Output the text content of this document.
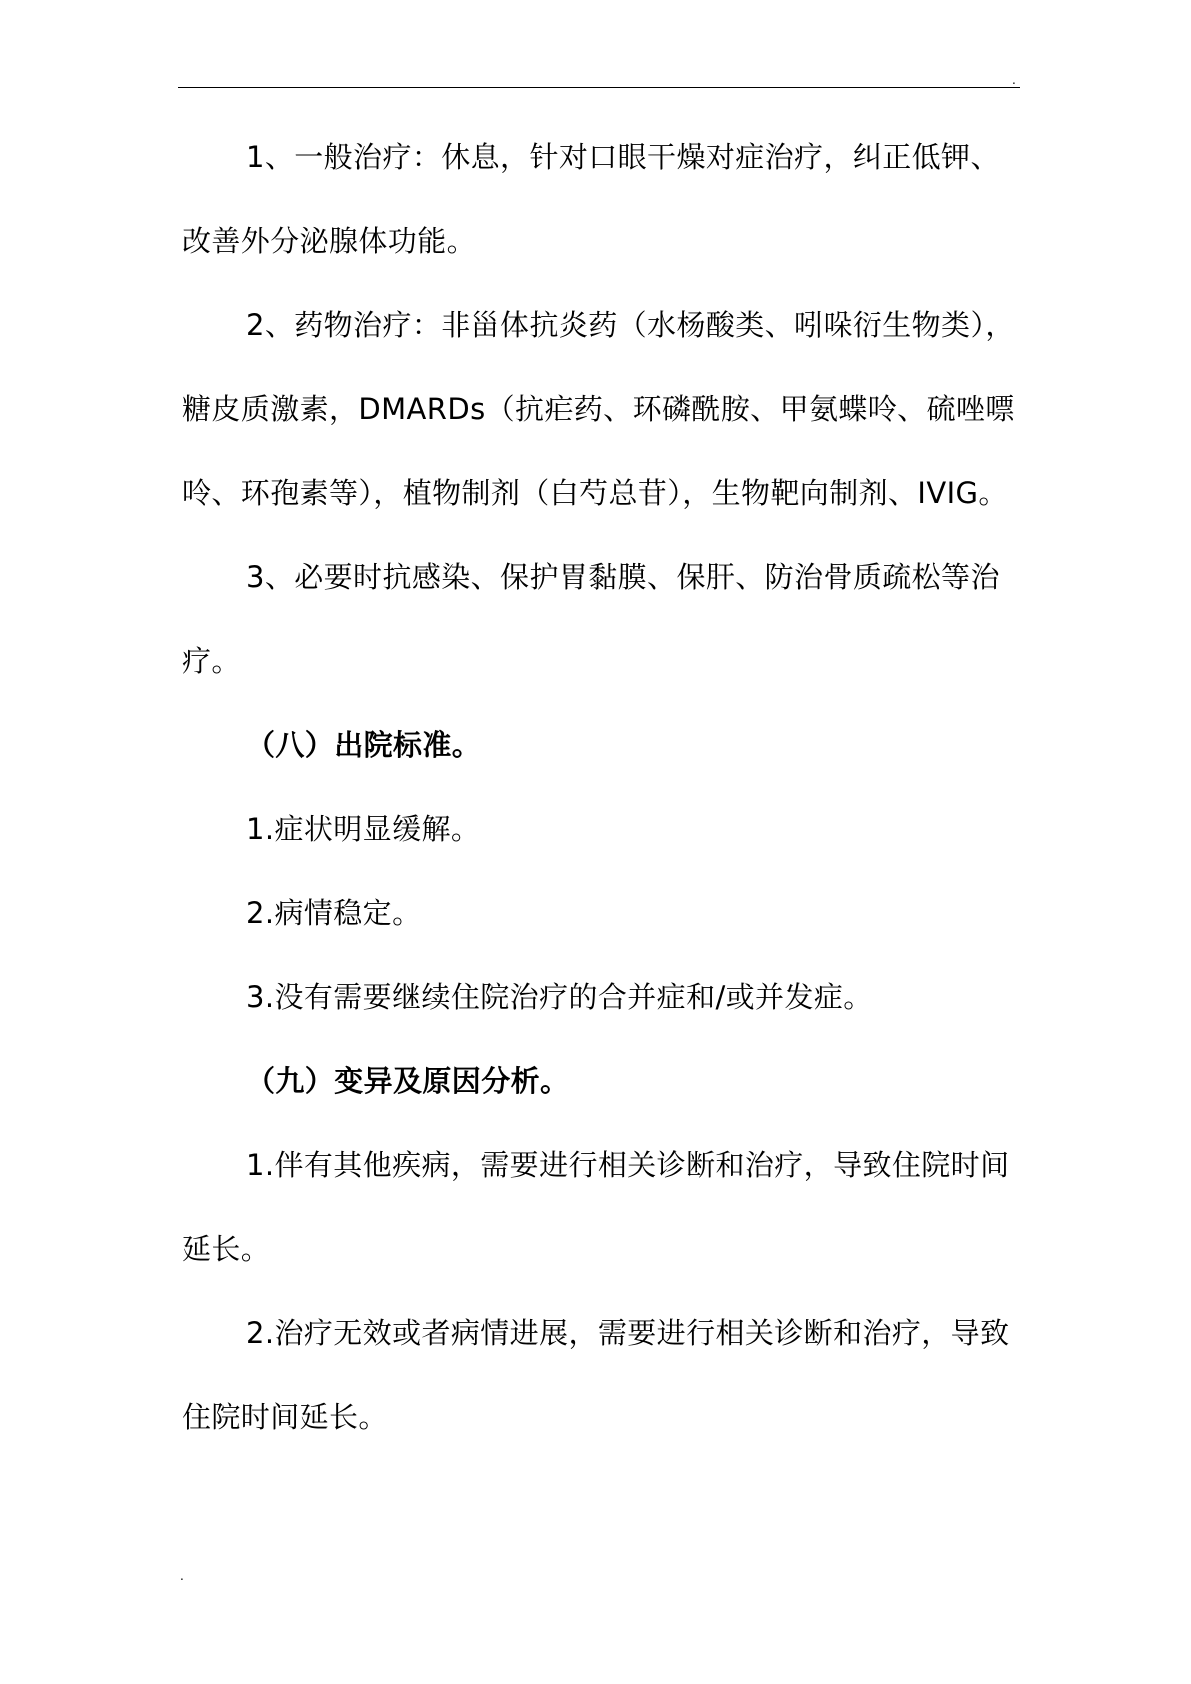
.

1、一般治疗：休息，针对口眼干燥对症治疗，纠正低钾、改善外分泌腺体功能。

2、药物治疗：非甾体抗炎药（水杨酸类、吲哚衍生物类），糖皮质激素，DMARDs（抗疟药、环磷酰胺、甲氨蝶呤、硫唑嘌呤、环孢素等），植物制剂（白芍总苷），生物靶向制剂、IVIG。

3、必要时抗感染、保护胃黏膜、保肝、防治骨质疏松等治疗。

（八）出院标准。

1.症状明显缓解。

2.病情稳定。

3.没有需要继续住院治疗的合并症和/或并发症。

（九）变异及原因分析。

1.伴有其他疾病，需要进行相关诊断和治疗，导致住院时间延长。

2.治疗无效或者病情进展，需要进行相关诊断和治疗，导致住院时间延长。

.
